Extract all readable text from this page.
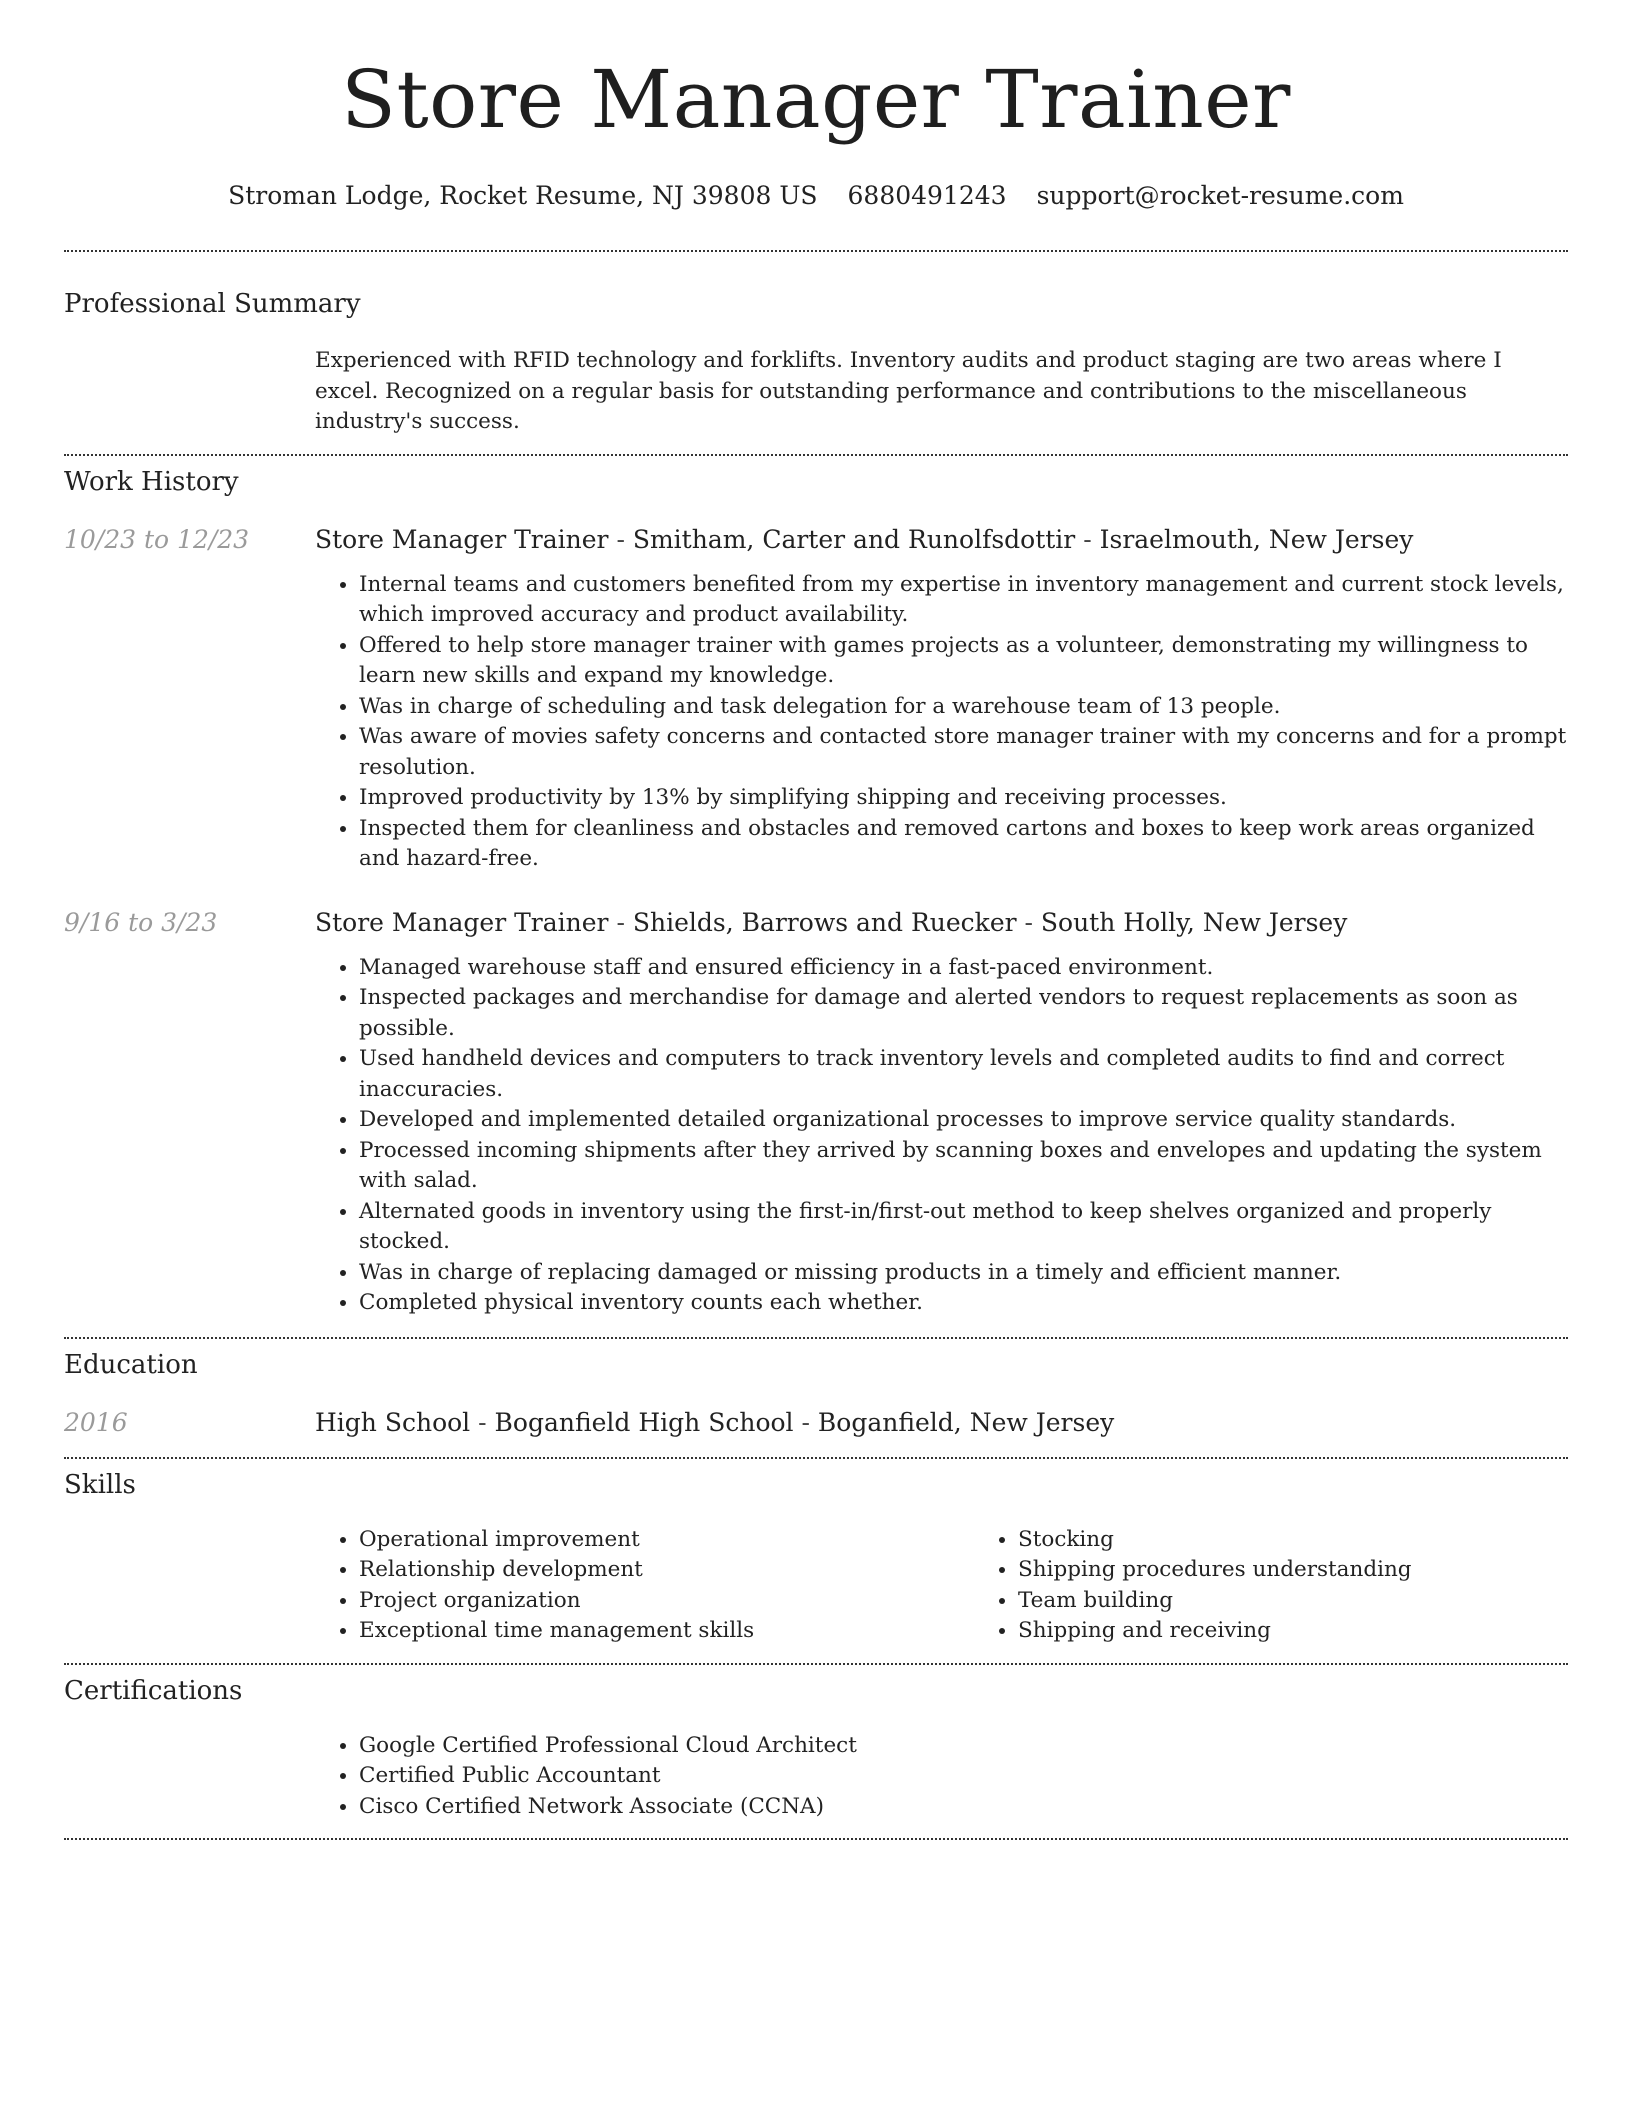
Store Manager Trainer
Stroman Lodge, Rocket Resume, NJ 39808 US 6880491243 support@rocket-resume.com
Professional Summary
Experienced with RFID technology and forklifts. Inventory audits and product staging are two areas where I excel. Recognized on a regular basis for outstanding performance and contributions to the miscellaneous industry's success.
Work History
10/23 to 12/23	Store Manager Trainer - Smitham, Carter and Runolfsdottir - Israelmouth, New Jersey
• Internal teams and customers benefited from my expertise in inventory management and current stock levels, which improved accuracy and product availability.
• Offered to help store manager trainer with games projects as a volunteer, demonstrating my willingness to learn new skills and expand my knowledge.
• Was in charge of scheduling and task delegation for a warehouse team of 13 people.
• Was aware of movies safety concerns and contacted store manager trainer with my concerns and for a prompt resolution.
• Improved productivity by 13% by simplifying shipping and receiving processes.
• Inspected them for cleanliness and obstacles and removed cartons and boxes to keep work areas organized and hazard-free.
9/16 to 3/23	Store Manager Trainer - Shields, Barrows and Ruecker - South Holly, New Jersey
• Managed warehouse staff and ensured efficiency in a fast-paced environment.
• Inspected packages and merchandise for damage and alerted vendors to request replacements as soon as possible.
• Used handheld devices and computers to track inventory levels and completed audits to find and correct inaccuracies.
• Developed and implemented detailed organizational processes to improve service quality standards.
• Processed incoming shipments after they arrived by scanning boxes and envelopes and updating the system with salad.
• Alternated goods in inventory using the first-in/first-out method to keep shelves organized and properly stocked.
• Was in charge of replacing damaged or missing products in a timely and efficient manner.
• Completed physical inventory counts each whether.
Education
2016	High School - Boganfield High School - Boganfield, New Jersey
Skills
• Operational improvement
• Relationship development
• Project organization
• Exceptional time management skills
• Stocking
• Shipping procedures understanding
• Team building
• Shipping and receiving
Certifications
• Google Certified Professional Cloud Architect
• Certified Public Accountant
• Cisco Certified Network Associate (CCNA)
